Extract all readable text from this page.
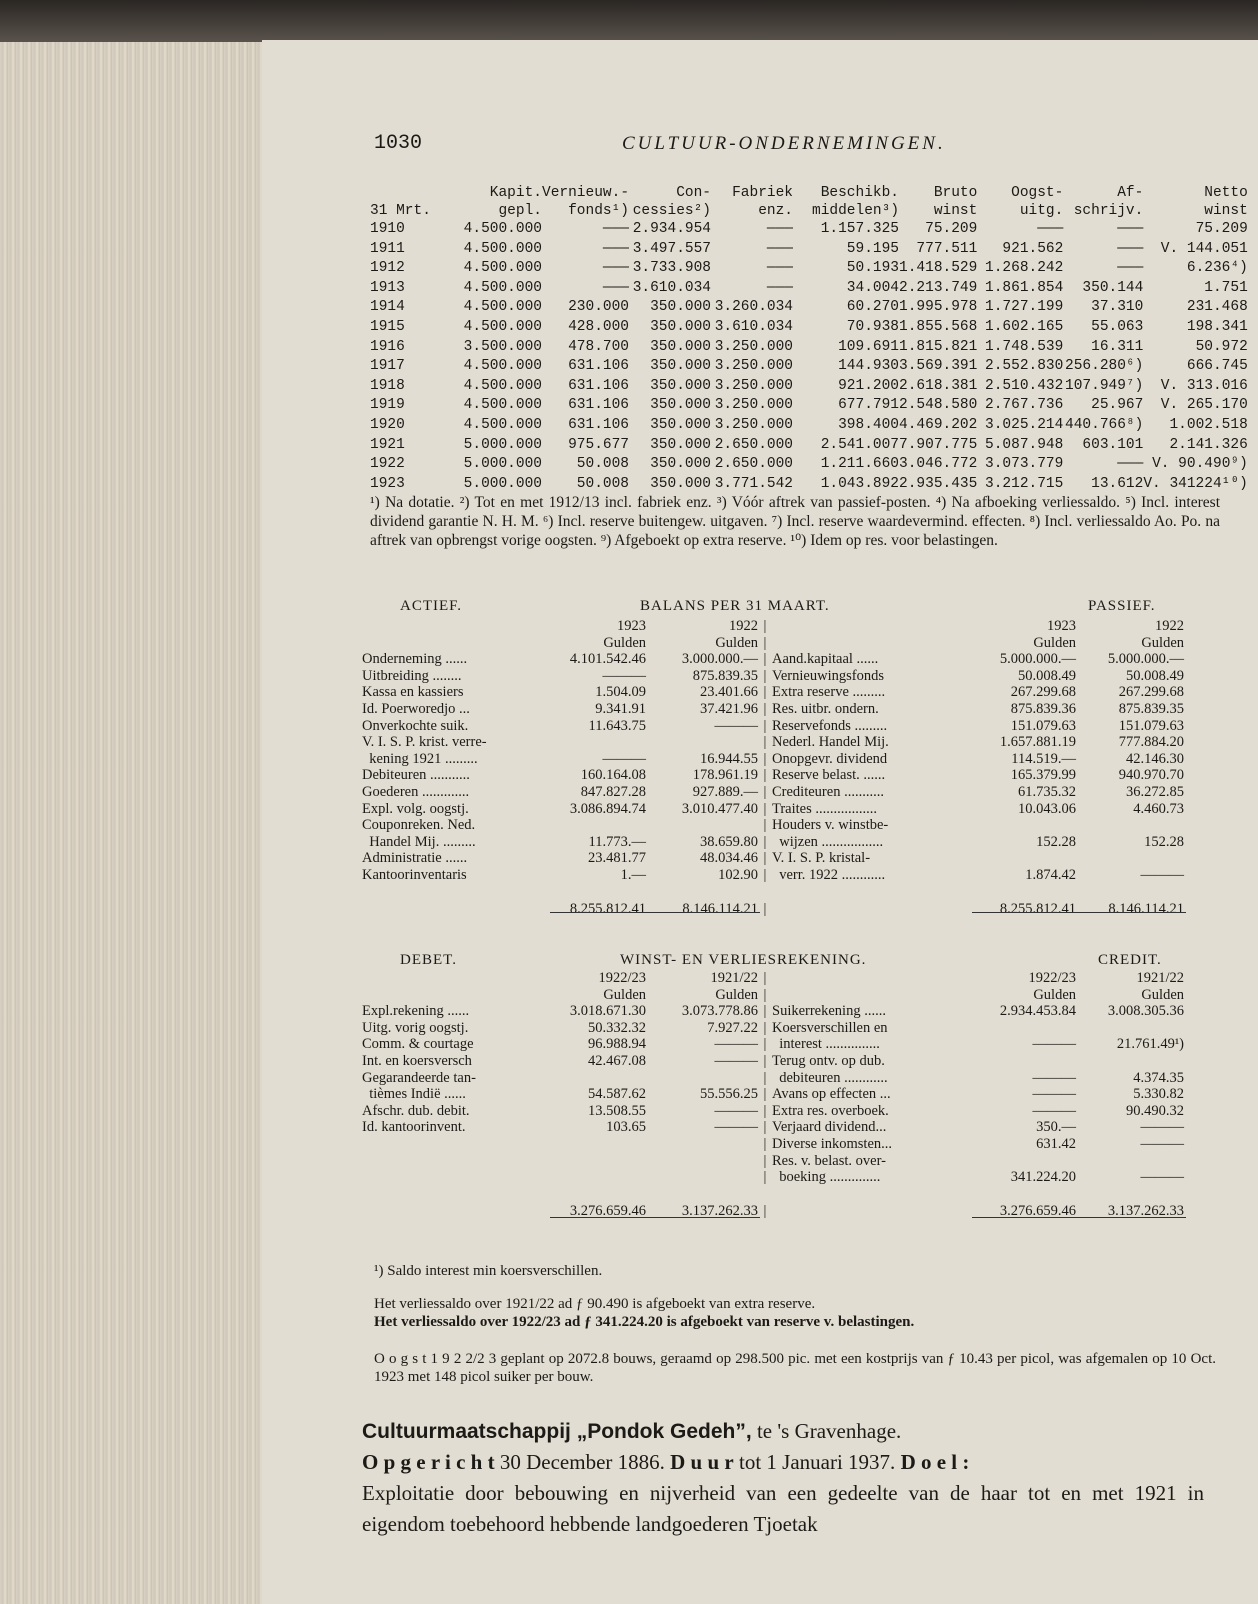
1030	CULTUUR-ONDERNEMINGEN.
	Kapit.	Vernieuw.-	Con-	Fabriek	Beschikb.	Bruto	Oogst-	Af-	Netto
31 Mrt.	gepl.	fonds¹)	cessies²)	enz.	middelen³)	winst	uitg.	schrijv.	winst
1910	4.500.000	———	2.934.954	———	1.157.325	75.209	———	———	75.209
1911	4.500.000	———	3.497.557	———	59.195	777.511	921.562	———	V. 144.051
1912	4.500.000	———	3.733.908	———	50.193	1.418.529	1.268.242	———	6.236⁴)
1913	4.500.000	———	3.610.034	———	34.004	2.213.749	1.861.854	350.144	1.751
1914	4.500.000	230.000	350.000	3.260.034	60.270	1.995.978	1.727.199	37.310	231.468
1915	4.500.000	428.000	350.000	3.610.034	70.938	1.855.568	1.602.165	55.063	198.341
1916	3.500.000	478.700	350.000	3.250.000	109.691	1.815.821	1.748.539	16.311	50.972
1917	4.500.000	631.106	350.000	3.250.000	144.930	3.569.391	2.552.830	256.280⁶)	666.745
1918	4.500.000	631.106	350.000	3.250.000	921.200	2.618.381	2.510.432	107.949⁷)	V. 313.016
1919	4.500.000	631.106	350.000	3.250.000	677.791	2.548.580	2.767.736	25.967	V. 265.170
1920	4.500.000	631.106	350.000	3.250.000	398.400	4.469.202	3.025.214	440.766⁸)	1.002.518
1921	5.000.000	975.677	350.000	2.650.000	2.541.007	7.907.775	5.087.948	603.101	2.141.326
1922	5.000.000	50.008	350.000	2.650.000	1.211.660	3.046.772	3.073.779	———	V. 90.490⁹)
1923	5.000.000	50.008	350.000	3.771.542	1.043.892	2.935.435	3.212.715	13.612	V. 341224¹⁰)
¹) Na dotatie. ²) Tot en met 1912/13 incl. fabriek enz. ³) Vóór aftrek van passief-posten. ⁴) Na afboeking verliessaldo. ⁵) Incl. interest dividend garantie N. H. M. ⁶) Incl. reserve buitengew. uitgaven. ⁷) Incl. reserve waardevermind. effecten. ⁸) Incl. verliessaldo Ao. Po. na aftrek van opbrengst vorige oogsten. ⁹) Afgeboekt op extra reserve. ¹⁰) Idem op res. voor belastingen.
ACTIEF.	BALANS PER 31 MAART.	PASSIEF.
	1923	1922	|		1923	1922
	Gulden	Gulden	|		Gulden	Gulden
Onderneming ......	4.101.542.46	3.000.000.—	|	Aand.kapitaal ......	5.000.000.—	5.000.000.—
Uitbreiding ........	———	875.839.35	|	Vernieuwingsfonds	50.008.49	50.008.49
Kassa en kassiers	1.504.09	23.401.66	|	Extra reserve .........	267.299.68	267.299.68
Id. Poerworedjo ...	9.341.91	37.421.96	|	Res. uitbr. ondern.	875.839.36	875.839.35
Onverkochte suik.	11.643.75	———	|	Reservefonds .........	151.079.63	151.079.63
V. I. S. P. krist. verre-			|	Nederl. Handel Mij.	1.657.881.19	777.884.20
kening 1921 .........	———	16.944.55	|	Onopgevr. dividend	114.519.—	42.146.30
Debiteuren ...........	160.164.08	178.961.19	|	Reserve belast. ......	165.379.99	940.970.70
Goederen .............	847.827.28	927.889.—	|	Crediteuren ...........	61.735.32	36.272.85
Expl. volg. oogstj.	3.086.894.74	3.010.477.40	|	Traites .................	10.043.06	4.460.73
Couponreken. Ned.			|	Houders v. winstbe-		
Handel Mij. .........	11.773.—	38.659.80	|	wijzen .................	152.28	152.28
Administratie ......	23.481.77	48.034.46	|	V. I. S. P. kristal-		
Kantoorinventaris	1.—	102.90	|	verr. 1922 ............	1.874.42	———
	8.255.812.41	8.146.114.21	|		8.255.812.41	8.146.114.21
DEBET.	WINST- EN VERLIESREKENING.	CREDIT.
	1922/23	1921/22	|		1922/23	1921/22
	Gulden	Gulden	|		Gulden	Gulden
Expl.rekening ......	3.018.671.30	3.073.778.86	|	Suikerrekening ......	2.934.453.84	3.008.305.36
Uitg. vorig oogstj.	50.332.32	7.927.22	|	Koersverschillen en		
Comm. & courtage	96.988.94	———	|	interest ...............	———	21.761.49¹)
Int. en koersversch	42.467.08	———	|	Terug ontv. op dub.		
Gegarandeerde tan-			|	debiteuren ............	———	4.374.35
tièmes Indië ......	54.587.62	55.556.25	|	Avans op effecten ...	———	5.330.82
Afschr. dub. debit.	13.508.55	———	|	Extra res. overboek.	———	90.490.32
Id. kantoorinvent.	103.65	———	|	Verjaard dividend...	350.—	———
			|	Diverse inkomsten...	631.42	———
			|	Res. v. belast. over-		
			|	boeking ..............	341.224.20	———
	3.276.659.46	3.137.262.33	|		3.276.659.46	3.137.262.33
¹) Saldo interest min koersverschillen.
Het verliessaldo over 1921/22 ad ƒ 90.490 is afgeboekt van extra reserve.
Het verliessaldo over 1922/23 ad ƒ 341.224.20 is afgeboekt van reserve v. belastingen.
O o g s t 1 9 2 2/2 3 geplant op 2072.8 bouws, geraamd op 298.500 pic. met een kostprijs van ƒ 10.43 per picol, was afgemalen op 10 Oct. 1923 met 148 picol suiker per bouw.
Cultuurmaatschappij „Pondok Gedeh”, te 's Gravenhage.
O p g e r i c h t 30 December 1886. D u u r tot 1 Januari 1937. D o e l :
Exploitatie door bebouwing en nijverheid van een gedeelte van de haar tot en met 1921 in eigendom toebehoord hebbende landgoederen Tjoetak
